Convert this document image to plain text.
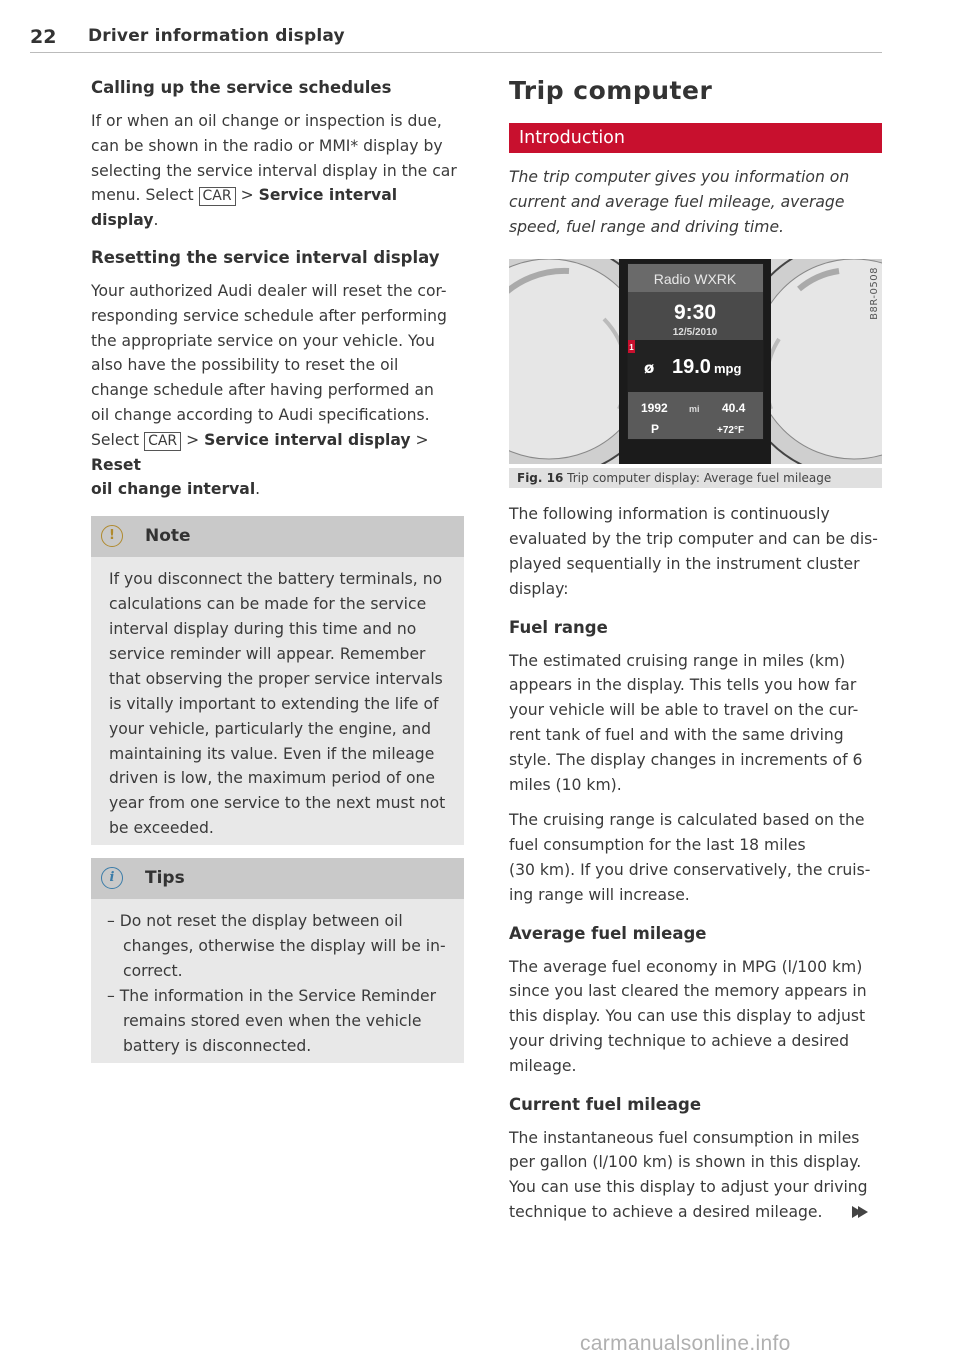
22 Driver information display
Calling up the service schedules

If or when an oil change or inspection is due,
can be shown in the radio or MMI* display by
selecting the service interval display in the car
menu. Select CAR > Service interval display.

Resetting the service interval display

Your authorized Audi dealer will reset the cor-
responding service schedule after performing
the appropriate service on your vehicle. You
also have the possibility to reset the oil
change schedule after having performed an
oil change according to Audi specifications.
Select CAR > Service interval display > Reset
oil change interval.

!	Note

If you disconnect the battery terminals, no
calculations can be made for the service
interval display during this time and no
service reminder will appear. Remember
that observing the proper service intervals
is vitally important to extending the life of
your vehicle, particularly the engine, and
maintaining its value. Even if the mileage
driven is low, the maximum period of one
year from one service to the next must not
be exceeded.

i	Tips
– Do not reset the display between oil
changes, otherwise the display will be in-
correct.
– The information in the Service Reminder
remains stored even when the vehicle
battery is disconnected.
Trip computer
Introduction

The trip computer gives you information on
current and average fuel mileage, average
speed, fuel range and driving time.

Radio WXRK
9:30
12/5/2010
1
ø 19.0 mpg
1992 mi 40.4
P	+72°F
B8R-0508
Fig. 16 Trip computer display: Average fuel mileage

The following information is continuously
evaluated by the trip computer and can be dis-
played sequentially in the instrument cluster
display:

Fuel range

The estimated cruising range in miles (km)
appears in the display. This tells you how far
your vehicle will be able to travel on the cur-
rent tank of fuel and with the same driving
style. The display changes in increments of 6
miles (10 km).

The cruising range is calculated based on the
fuel consumption for the last 18 miles
(30 km). If you drive conservatively, the cruis-
ing range will increase.

Average fuel mileage

The average fuel economy in MPG (l/100 km)
since you last cleared the memory appears in
this display. You can use this display to adjust
your driving technique to achieve a desired
mileage.

Current fuel mileage

The instantaneous fuel consumption in miles
per gallon (l/100 km) is shown in this display.
You can use this display to adjust your driving
technique to achieve a desired mileage.

carmanualsonline.info
